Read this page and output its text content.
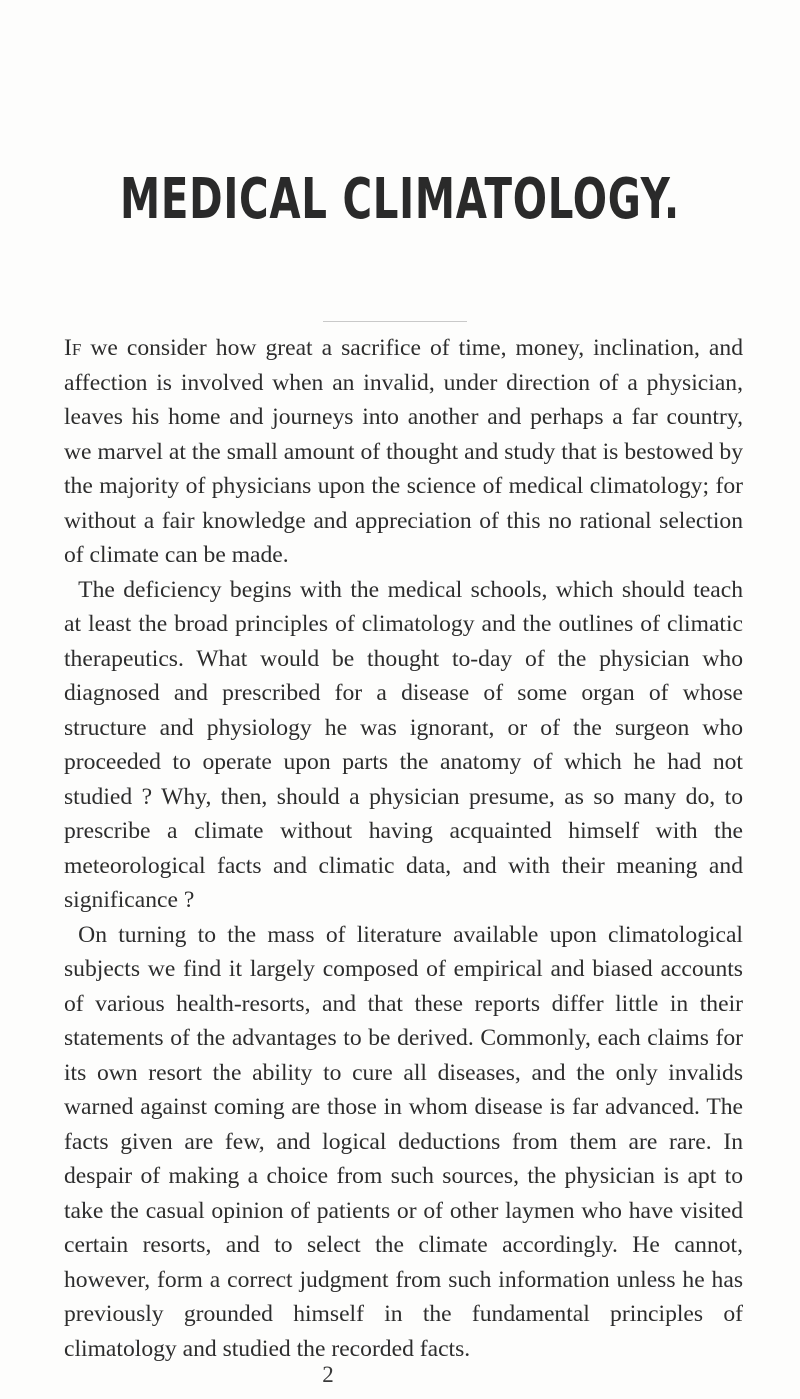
MEDICAL CLIMATOLOGY.

If we consider how great a sacrifice of time, money, inclination, and affection is involved when an invalid, under direction of a physician, leaves his home and journeys into another and perhaps a far country, we marvel at the small amount of thought and study that is bestowed by the majority of physicians upon the science of medical climatology; for without a fair knowledge and appreciation of this no rational selection of climate can be made.

The deficiency begins with the medical schools, which should teach at least the broad principles of climatology and the outlines of climatic therapeutics. What would be thought to-day of the physician who diagnosed and prescribed for a disease of some organ of whose structure and physiology he was ignorant, or of the surgeon who proceeded to operate upon parts the anatomy of which he had not studied ? Why, then, should a physician presume, as so many do, to prescribe a climate without having acquainted himself with the meteorological facts and climatic data, and with their meaning and significance ?

On turning to the mass of literature available upon climatological subjects we find it largely composed of empirical and biased accounts of various health-resorts, and that these reports differ little in their statements of the advantages to be derived. Commonly, each claims for its own resort the ability to cure all diseases, and the only invalids warned against coming are those in whom disease is far advanced. The facts given are few, and logical deductions from them are rare. In despair of making a choice from such sources, the physician is apt to take the casual opinion of patients or of other laymen who have visited certain resorts, and to select the climate accordingly. He cannot, however, form a correct judgment from such information unless he has previously grounded himself in the fundamental principles of climatology and studied the recorded facts.

2
